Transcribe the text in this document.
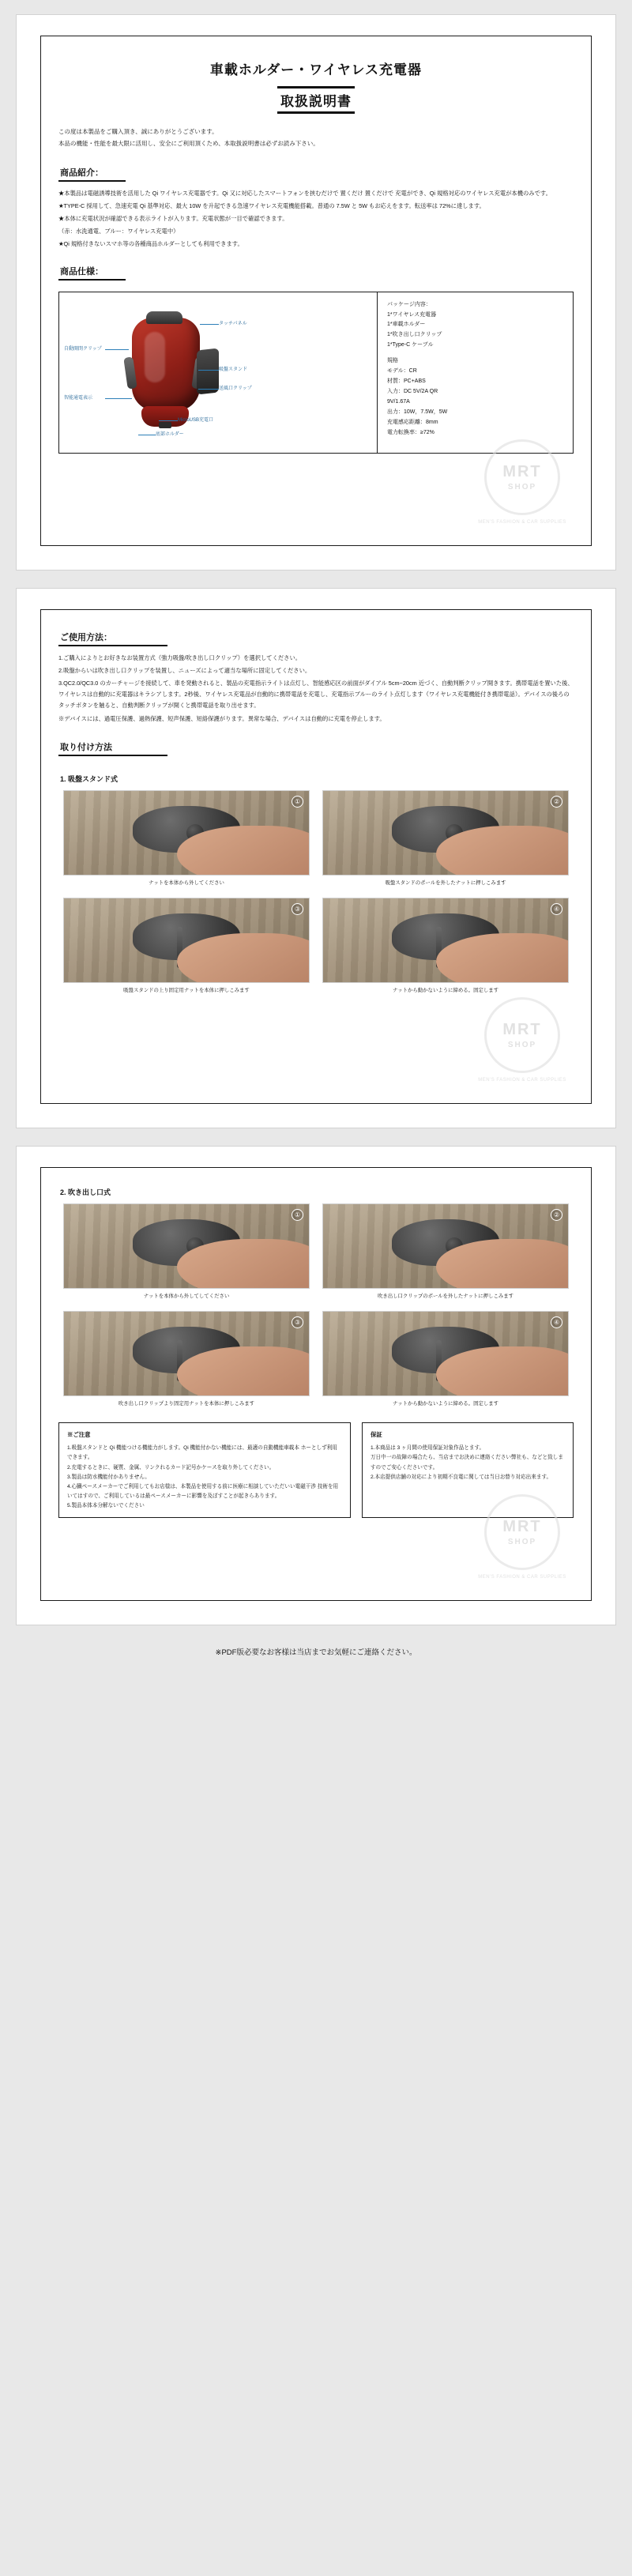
車載ホルダー・ワイヤレス充電器
取扱説明書
この度は本製品をご購入頂き、誠にありがとうございます。
本品の機能・性能を最大限に活用し、安全にご利用頂くため、本取扱説明書は必ずお読み下さい。
商品紹介：

★本製品は電磁誘導技術を活用した Qi ワイヤレス充電器です。Qi 又に対応したスマートフォンを挟むだけで 置くだけ 置くだけで 充電ができ、Qi 規格対応のワイヤレス充電が本機のみです。

★TYPE-C 採用して、急速充電 Qi 基準対応、最大 10W を升起できる急速ワイヤレス充電機能搭載。普通の 7.5W と 5W もお応えをます。転送率は 72%に達します。

★本体に充電状況が確認できる表示ライトが入ります。充電状態が一目で確認できます。

（赤：水洗通電、ブルー：ワイヤレス充電中）

★Qi 規格付きないスマホ等の各種商品ホルダーとしても利用できます。

商品仕様：
タッチパネル
自動開閉クリップ
吸盤スタンド
送風口クリップ
智能通電表示
MicroUSB充電口
底部ホルダー
パッケージ内容：
1*ワイヤレス充電器
1*車載ホルダー
1*吹き出し口クリップ
1*Type-C ケーブル
規格
モデル：CR
材質：PC+ABS
入力：DC 5V/2A QR
9V/1.67A
出力：10W，7.5W，5W
充電感応距離：8mm
電力転換率：≥72%
MRT
SHOP
MEN'S FASHION & CAR SUPPLIES
ご使用方法：

1.ご購入によりとお好きなお装置方式（強力吸盤/吹き出し口クリップ）を選択してください。

2.吸盤からいは吹き出し口クリップを装置し、ニューズによって適当な場所に固定してください。

3.QC2.0/QC3.0 のカーチャージを接続して、車を発動されると、製品の充電指示ライトは点灯し、智能感応区の前面がダイアル 5cm~20cm 近づく、自動判断クリップ開きます。携帯電話を置いた後、ワイヤレスは自動的に充電器はキラシアします。2秒後、ワイヤレス充電品が自動的に携帯電話を充電し、充電指示ブルーのライト点灯します（ワイヤレス充電機能付き携帯電話）。デバイスの後ろのタッチボタンを触ると、自動判断クリップが開くと携帯電話を取り出せます。

※デバイスには、過電圧保護、過熱保護、短声保護、短絡保護がります。異常な場合、デバイスは自動的に充電を停止します。

取り付け方法
1. 吸盤スタンド式
①
ナットを本体から外してください
②
吸盤スタンドのポールを外したナットに押しこみます
③
吸盤スタンドの上り固定用ナットを本体に押しこみます
④
ナットから動かないように締める。固定します
MRT
SHOP
MEN'S FASHION & CAR SUPPLIES
2. 吹き出し口式
①
ナットを本体から外してしてください
②
吹き出し口クリップのポールを外したナットに押しこみます
③
吹き出し口クリップより固定用ナットを本体に押しこみます
④
ナットから動かないように締める。固定します
※ご注意
1.吸盤スタンドと Qi 機能つける機能力がします。Qi 機能付かない機能には、最適の自動機能車載本 ホーとしず利用できます。
2.充電するときに、硬質、金属、リンクれるカード記号かケースを取り外してください。
3.製品は防水機能付かありません。
4.心臓ペースメーカーでご利用してもお店様は、本製品を使用する前に医療に相談していただいい電磁干渉 技術を用いてはすので、ご利用しているは最ペースメーカーに影響を及ぼすことが起きらあります。
5.製品本体本分解ないでください
保証
1.本商品は 3 ヶ月間の使用保証対象作品とます。
万日中一の故障の場合たら、当店までお決めに連絡ください弊社も、などと致しますのでご安心くださいです。
2.本店提供店舗の対応により初期不良電に関しては当日お替り対応出来ます。
MRT
SHOP
MEN'S FASHION & CAR SUPPLIES
※PDF版必要なお客様は当店までお気軽にご連絡ください。
